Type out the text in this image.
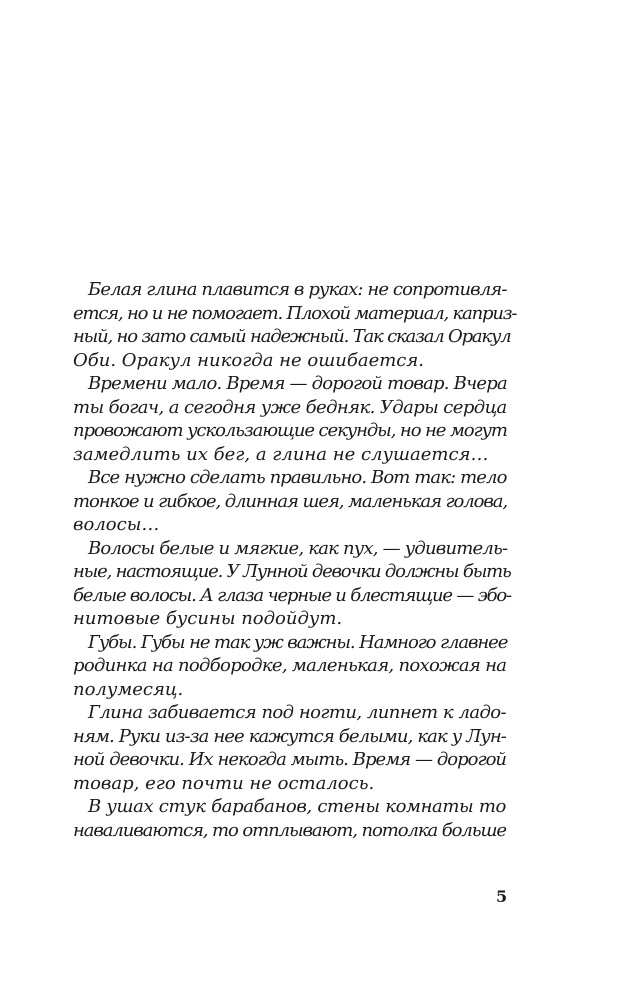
Белая глина плавится в руках: не сопротивля-
ется, но и не помогает. Плохой материал, каприз-
ный, но зато самый надежный. Так сказал Оракул
Оби. Оракул никогда не ошибается.
Времени мало. Время — дорогой товар. Вчера
ты богач, а сегодня уже бедняк. Удары сердца
провожают ускользающие секунды, но не могут
замедлить их бег, а глина не слушается…
Все нужно сделать правильно. Вот так: тело
тонкое и гибкое, длинная шея, маленькая голова,
волосы…
Волосы белые и мягкие, как пух, — удивитель-
ные, настоящие. У Лунной девочки должны быть
белые волосы. А глаза черные и блестящие — эбо-
нитовые бусины подойдут.
Губы. Губы не так уж важны. Намного главнее
родинка на подбородке, маленькая, похожая на
полумесяц.
Глина забивается под ногти, липнет к ладо-
ням. Руки из-за нее кажутся белыми, как у Лун-
ной девочки. Их некогда мыть. Время — дорогой
товар, его почти не осталось.
В ушах стук барабанов, стены комнаты то
наваливаются, то отплывают, потолка больше
5
